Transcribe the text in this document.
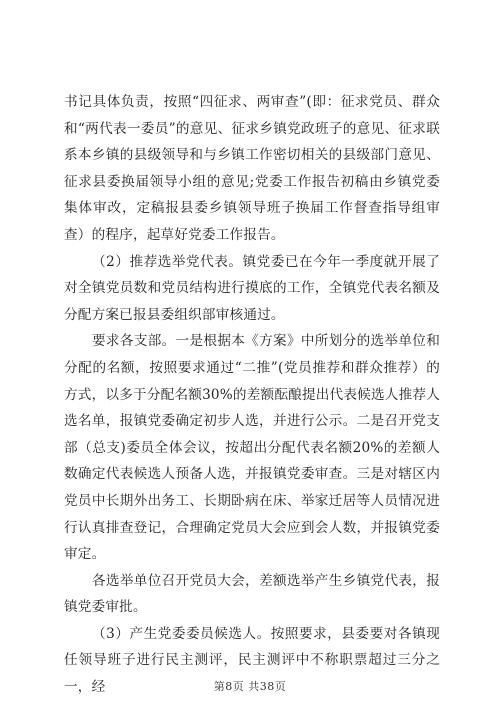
书记具体负责，按照“四征求、两审查”(即：征求党员、群众和“两代表一委员”的意见、征求乡镇党政班子的意见、征求联系本乡镇的县级领导和与乡镇工作密切相关的县级部门意见、征求县委换届领导小组的意见;党委工作报告初稿由乡镇党委集体审改，定稿报县委乡镇领导班子换届工作督查指导组审查）的程序，起草好党委工作报告。

（2）推荐选举党代表。镇党委已在今年一季度就开展了对全镇党员数和党员结构进行摸底的工作，全镇党代表名额及分配方案已报县委组织部审核通过。

要求各支部。一是根据本《方案》中所划分的选举单位和分配的名额，按照要求通过“二推”(党员推荐和群众推荐）的方式，以多于分配名额30%的差额酝酿提出代表候选人推荐人选名单，报镇党委确定初步人选，并进行公示。二是召开党支部（总支)委员全体会议，按超出分配代表名额20%的差额人数确定代表候选人预备人选，并报镇党委审查。三是对辖区内党员中长期外出务工、长期卧病在床、举家迁居等人员情况进行认真排查登记，合理确定党员大会应到会人数，并报镇党委审定。

各选举单位召开党员大会，差额选举产生乡镇党代表，报镇党委审批。

（3）产生党委委员候选人。按照要求，县委要对各镇现任领导班子进行民主测评，民主测评中不称职票超过三分之一，经	第8页 共38页
